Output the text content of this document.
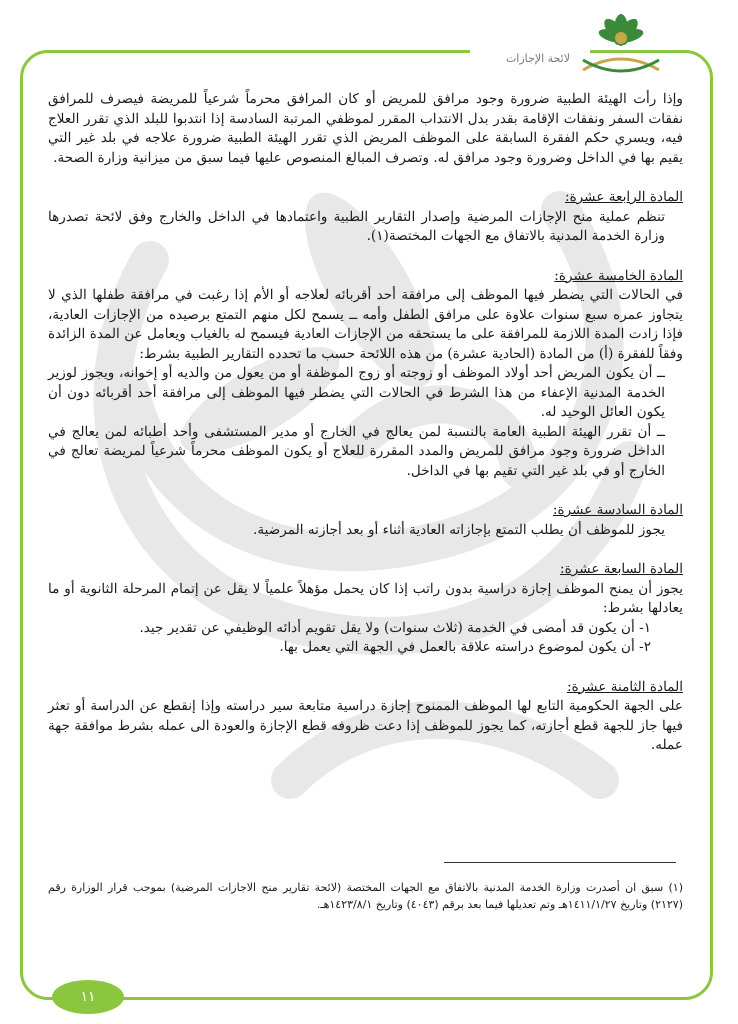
لائحة الإجازات

وإذا رأت الهيئة الطبية ضرورة وجود مرافق للمريض أو كان المرافق محرماً شرعياً للمريضة فيصرف للمرافق نفقات السفر ونفقات الإقامة بقدر بدل الانتداب المقرر لموظفي المرتبة السادسة إذا انتدبوا للبلد الذي تقرر العلاج فيه، ويسري حكم الفقرة السابقة على الموظف المريض الذي تقرر الهيئة الطبية ضرورة علاجه في بلد غير التي يقيم بها في الداخل وضرورة وجود مرافق له. وتصرف المبالغ المنصوص عليها فيما سبق من ميزانية وزارة الصحة.

المادة الرابعة عشرة:

تنظم عملية منح الإجازات المرضية وإصدار التقارير الطبية واعتمادها في الداخل والخارج وفق لائحة تصدرها وزارة الخدمة المدنية بالاتفاق مع الجهات المختصة(١).

المادة الخامسة عشرة:

في الحالات التي يضطر فيها الموظف إلى مرافقة أحد أقربائه لعلاجه أو الأم إذا رغبت في مرافقة طفلها الذي لا يتجاوز عمره سبع سنوات علاوة على مرافق الطفل وأمه ــ يسمح لكل منهم التمتع برصيده من الإجازات العادية، فإذا زادت المدة اللازمة للمرافقة على ما يستحقه من الإجازات العادية فيسمح له بالغياب ويعامل عن المدة الزائدة وفقاً للفقرة (أ) من المادة (الحادية عشرة) من هذه اللائحة حسب ما تحدده التقارير الطبية بشرط:

ــ أن يكون المريض أحد أولاد الموظف أو زوجته أو زوج الموظفة أو من يعول من والديه أو إخوانه، ويجوز لوزير الخدمة المدنية الإعفاء من هذا الشرط في الحالات التي يضطر فيها الموظف إلى مرافقة أحد أقربائه دون أن يكون العائل الوحيد له.

ــ أن تقرر الهيئة الطبية العامة بالنسبة لمن يعالج في الخارج أو مدير المستشفى وأحد أطبائه لمن يعالج في الداخل ضرورة وجود مرافق للمريض والمدد المقررة للعلاج أو يكون الموظف محرماً شرعياً لمريضة تعالج في الخارج أو في بلد غير التي تقيم بها في الداخل.

المادة السادسة عشرة:

يجوز للموظف أن يطلب التمتع بإجازاته العادية أثناء أو بعد أجازته المرضية.

المادة السابعة عشرة:

يجوز أن يمنح الموظف إجازة دراسية بدون راتب إذا كان يحمل مؤهلاً علمياً لا يقل عن إتمام المرحلة الثانوية أو ما يعادلها بشرط:

١- أن يكون قد أمضى في الخدمة (ثلاث سنوات) ولا يقل تقويم أدائه الوظيفي عن تقدير جيد.

٢- أن يكون لموضوع دراسته علاقة بالعمل في الجهة التي يعمل بها.

المادة الثامنة عشرة:

على الجهة الحكومية التابع لها الموظف الممنوح إجازة دراسية متابعة سير دراسته وإذا إنقطع عن الدراسة أو تعثر فيها جاز للجهة قطع أجازته، كما يجوز للموظف إذا دعت ظروفه قطع الإجازة والعودة الى عمله بشرط موافقة جهة عمله.

(١) سبق ان أصدرت وزارة الخدمة المدنية بالاتفاق مع الجهات المختصة (لائحة تقارير منح الاجازات المرضية) بموجب قرار الوزارة رقم (٢١٢٧) وتاريخ ١٤١١/١/٢٧هـ وتم تعديلها فيما بعد برقم (٤٠٤٣) وتاريخ ١٤٢٣/٨/١هـ.

١١
